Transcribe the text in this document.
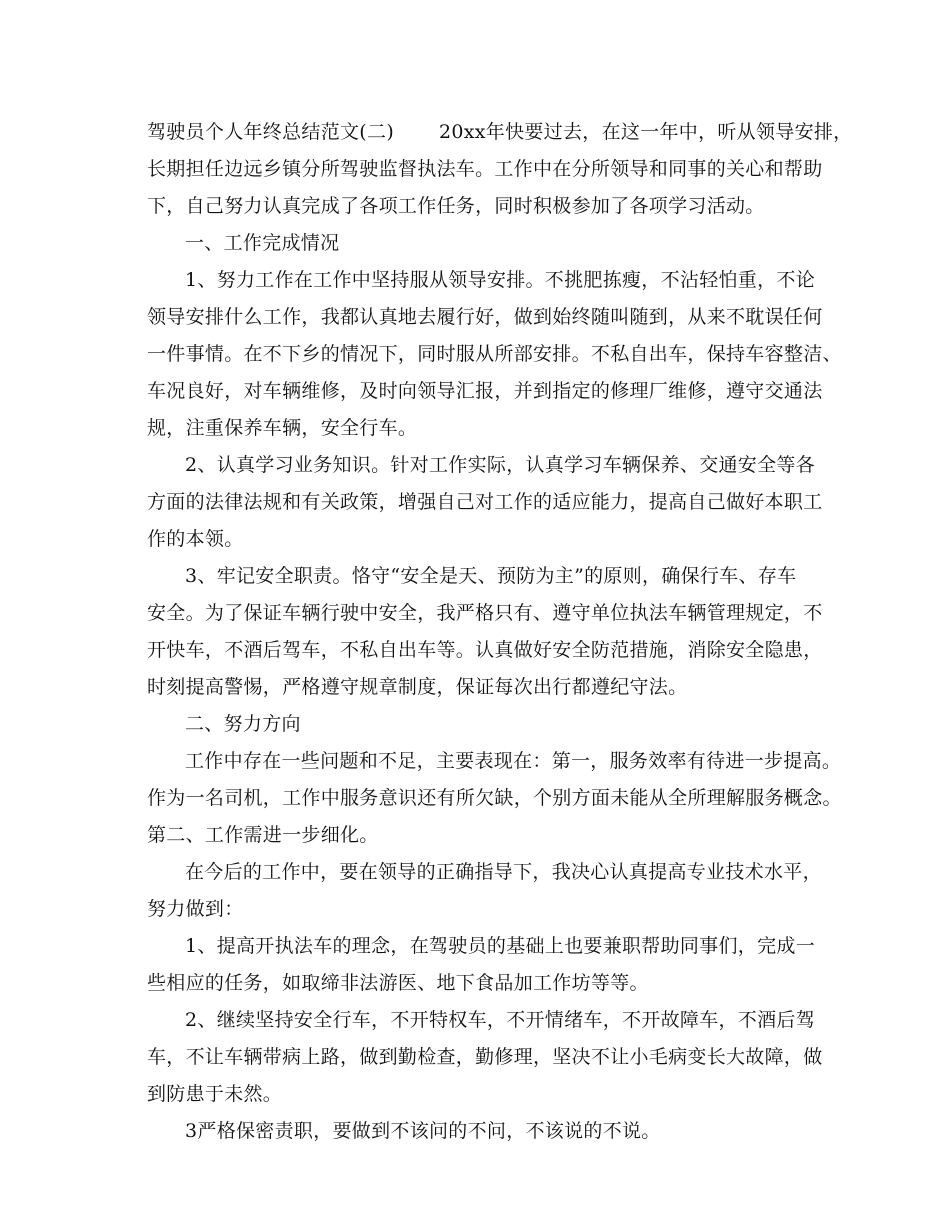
驾驶员个人年终总结范文(二)　　 20xx年快要过去，在这一年中，听从领导安排，
长期担任边远乡镇分所驾驶监督执法车。工作中在分所领导和同事的关心和帮助
下，自己努力认真完成了各项工作任务，同时积极参加了各项学习活动。
一、工作完成情况
1、努力工作在工作中坚持服从领导安排。不挑肥拣瘦，不沾轻怕重，不论
领导安排什么工作，我都认真地去履行好，做到始终随叫随到，从来不耽误任何
一件事情。在不下乡的情况下，同时服从所部安排。不私自出车，保持车容整洁、
车况良好，对车辆维修，及时向领导汇报，并到指定的修理厂维修，遵守交通法
规，注重保养车辆，安全行车。
2、认真学习业务知识。针对工作实际，认真学习车辆保养、交通安全等各
方面的法律法规和有关政策，增强自己对工作的适应能力，提高自己做好本职工
作的本领。
3、牢记安全职责。恪守“安全是天、预防为主”的原则，确保行车、存车
安全。为了保证车辆行驶中安全，我严格只有、遵守单位执法车辆管理规定，不
开快车，不酒后驾车，不私自出车等。认真做好安全防范措施，消除安全隐患，
时刻提高警惕，严格遵守规章制度，保证每次出行都遵纪守法。
二、努力方向
工作中存在一些问题和不足，主要表现在：第一，服务效率有待进一步提高。
作为一名司机，工作中服务意识还有所欠缺，个别方面未能从全所理解服务概念。
第二、工作需进一步细化。
在今后的工作中，要在领导的正确指导下，我决心认真提高专业技术水平，
努力做到：
1、提高开执法车的理念，在驾驶员的基础上也要兼职帮助同事们，完成一
些相应的任务，如取缔非法游医、地下食品加工作坊等等。
2、继续坚持安全行车，不开特权车，不开情绪车，不开故障车，不酒后驾
车，不让车辆带病上路，做到勤检查，勤修理，坚决不让小毛病变长大故障，做
到防患于未然。
3严格保密责职，要做到不该问的不问，不该说的不说。
